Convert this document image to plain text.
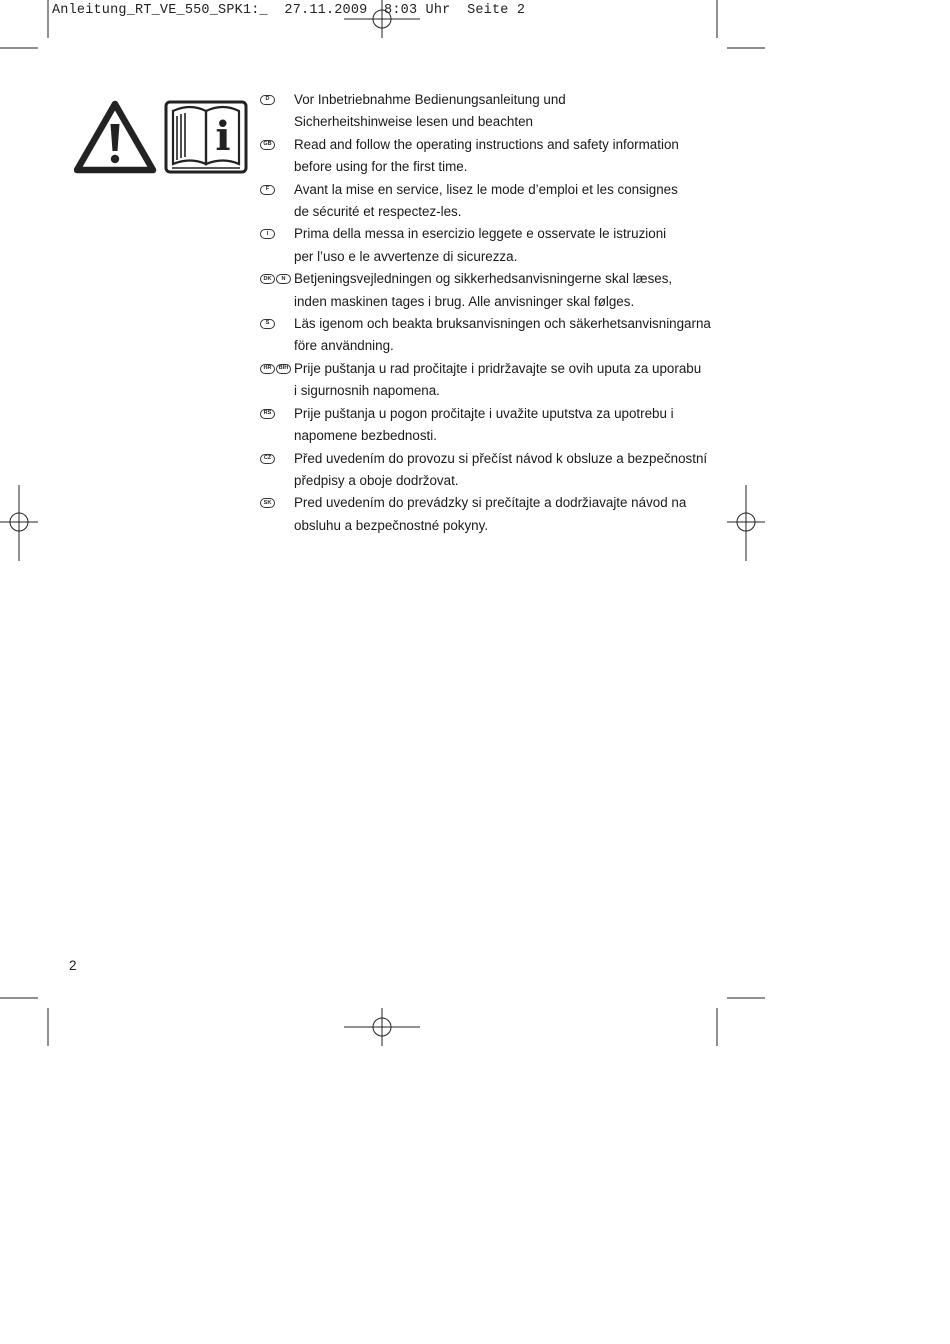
Anleitung_RT_VE_550_SPK1:_  27.11.2009  8:03 Uhr  Seite 2
i
D	Vor Inbetriebnahme Bedienungsanleitung und
Sicherheitshinweise lesen und beachten
GB Read and follow the operating instructions and safety information
before using for the first time.
F	Avant la mise en service, lisez le mode d’emploi et les consignes
de sécurité et respectez-les.
I	Prima della messa in esercizio leggete e osservate le istruzioni
per l’uso e le avvertenze di sicurezza.
DK	N Betjeningsvejledningen og sikkerhedsanvisningerne skal læses,
inden maskinen tages i brug. Alle anvisninger skal følges.
S	Läs igenom och beakta bruksanvisningen och säkerhetsanvisningarna
före användning.
HR	BIH Prije puštanja u rad pročitajte i pridržavajte se ovih uputa za uporabu
i sigurnosnih napomena.
RS Prije puštanja u pogon pročitajte i uvažite uputstva za upotrebu i
napomene bezbednosti.
CZ Před uvedením do provozu si přečíst návod k obsluze a bezpečnostní
předpisy a oboje dodržovat.
SK Pred uvedením do prevádzky si prečítajte a dodržiavajte návod na
obsluhu a bezpečnostné pokyny.
2
